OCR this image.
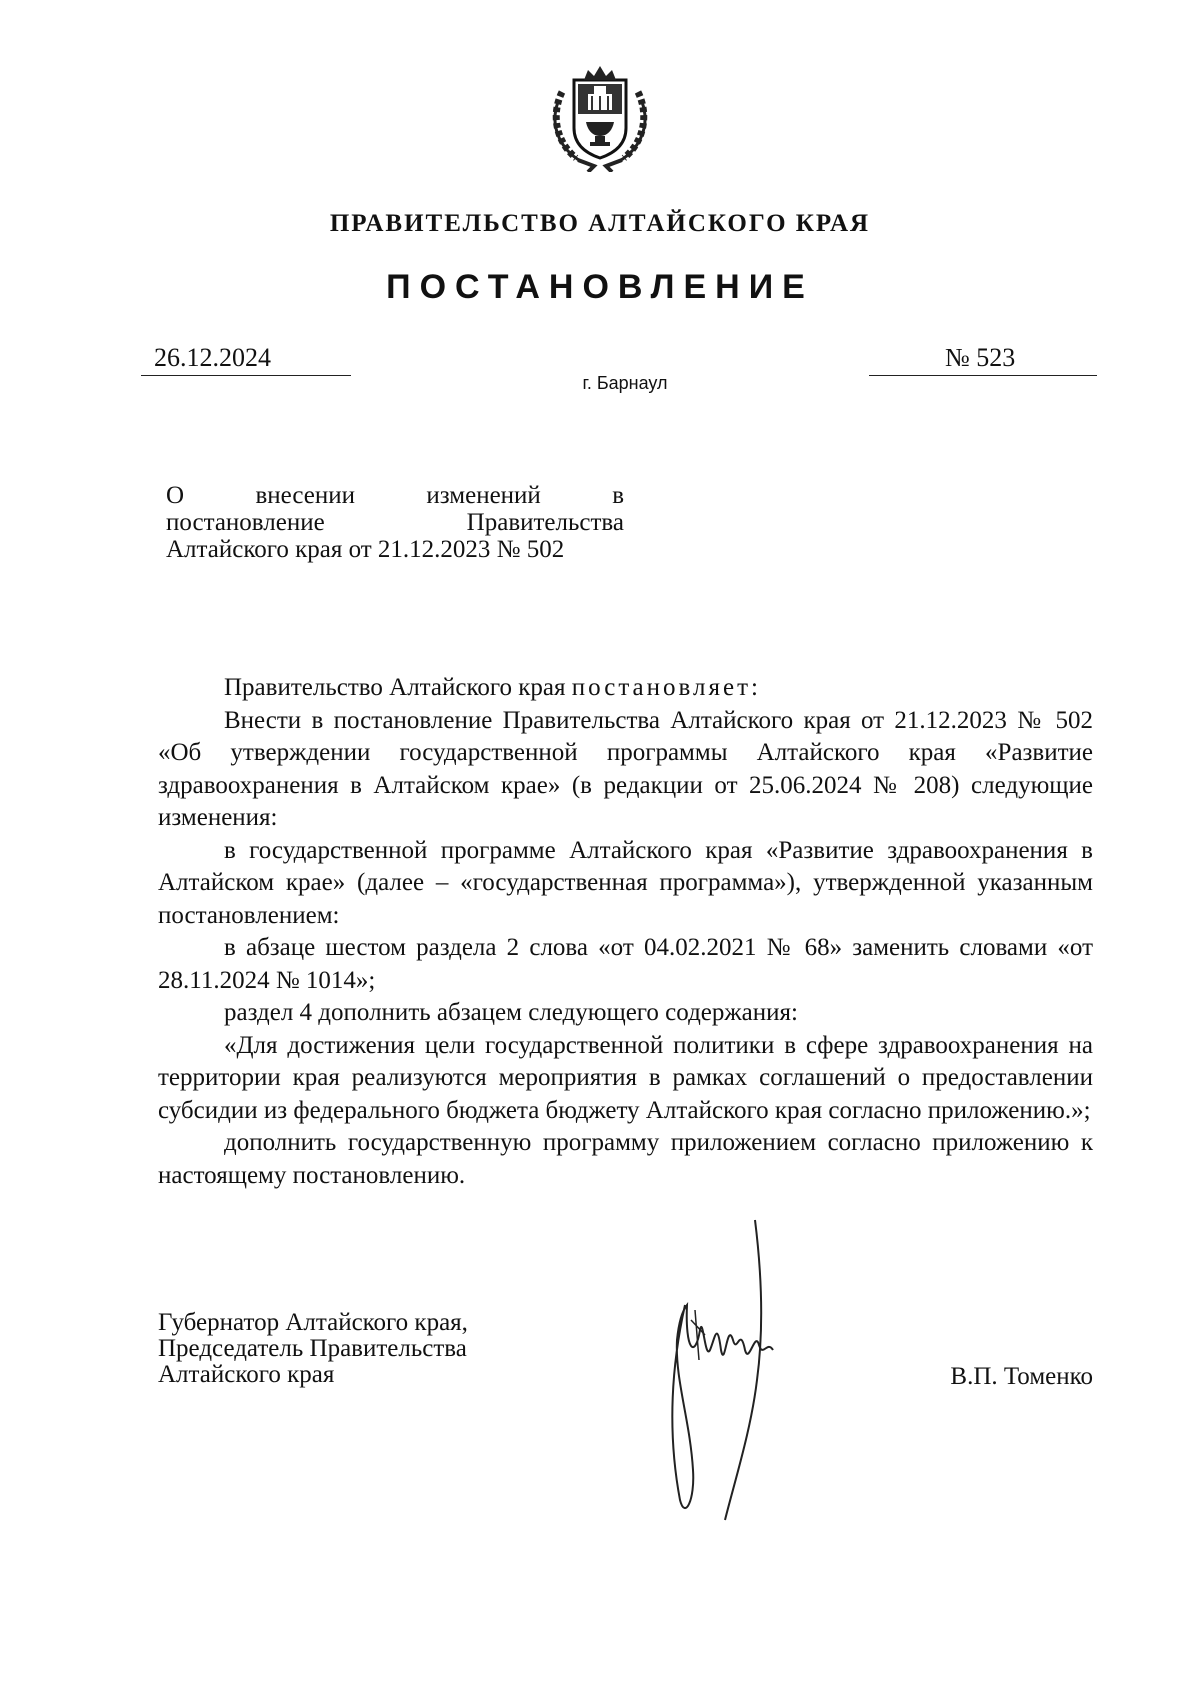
ПРАВИТЕЛЬСТВО АЛТАЙСКОГО КРАЯ
ПОСТАНОВЛЕНИЕ
26.12.2024	№ 523
г. Барнаул
О внесении изменений в
постановление Правительства
Алтайского края от 21.12.2023 № 502

Правительство Алтайского края постановляет:

Внести в постановление Правительства Алтайского края от 21.12.2023 № 502 «Об утверждении государственной программы Алтайского края «Развитие здравоохранения в Алтайском крае» (в редакции от 25.06.2024 № 208) следующие изменения:

в государственной программе Алтайского края «Развитие здравоохранения в Алтайском крае» (далее – «государственная программа»), утвержденной указанным постановлением:

в абзаце шестом раздела 2 слова «от 04.02.2021 № 68» заменить словами «от 28.11.2024 № 1014»;

раздел 4 дополнить абзацем следующего содержания:

«Для достижения цели государственной политики в сфере здравоохранения на территории края реализуются мероприятия в рамках соглашений о предоставлении субсидии из федерального бюджета бюджету Алтайского края согласно приложению.»;

дополнить государственную программу приложением согласно приложению к настоящему постановлению.

Губернатор Алтайского края,
Председатель Правительства
Алтайского края	В.П. Томенко
